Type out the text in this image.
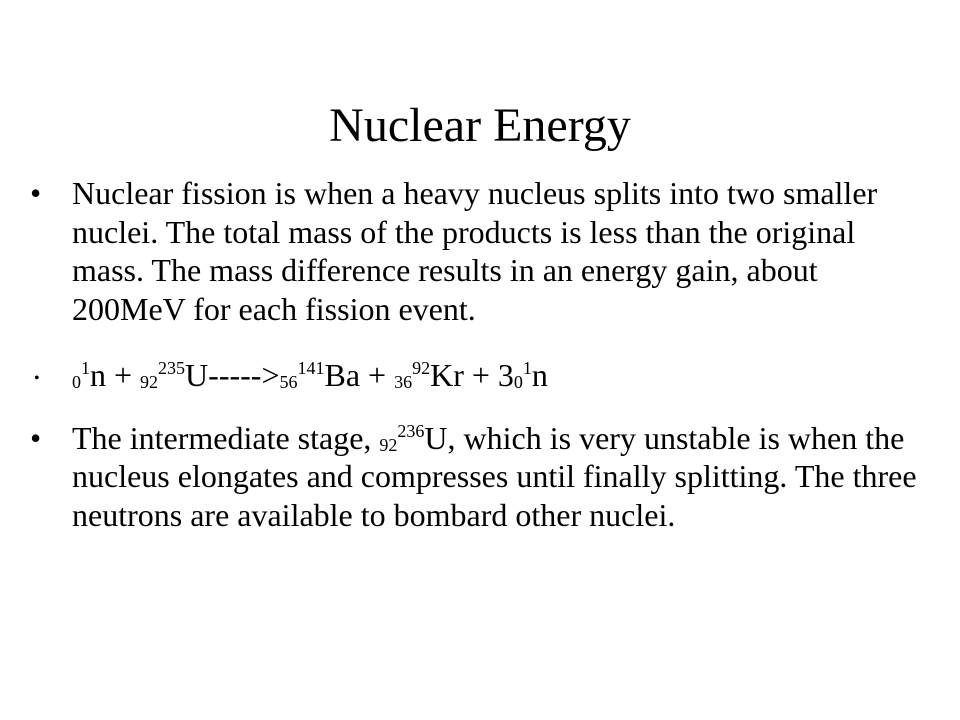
Nuclear Energy
• Nuclear fission is when a heavy nucleus splits into two smaller nuclei. The total mass of the products is less than the original mass. The mass difference results in an energy gain, about 200MeV for each fission event.
• $_0^1n + _{92}^{235}U----->_{56}^{141}Ba + _{36}^{92}Kr + 3_0^1n$
• The intermediate stage, $_{92}^{236}$U, which is very unstable is when the nucleus elongates and compresses until finally splitting. The three neutrons are available to bombard other nuclei.
